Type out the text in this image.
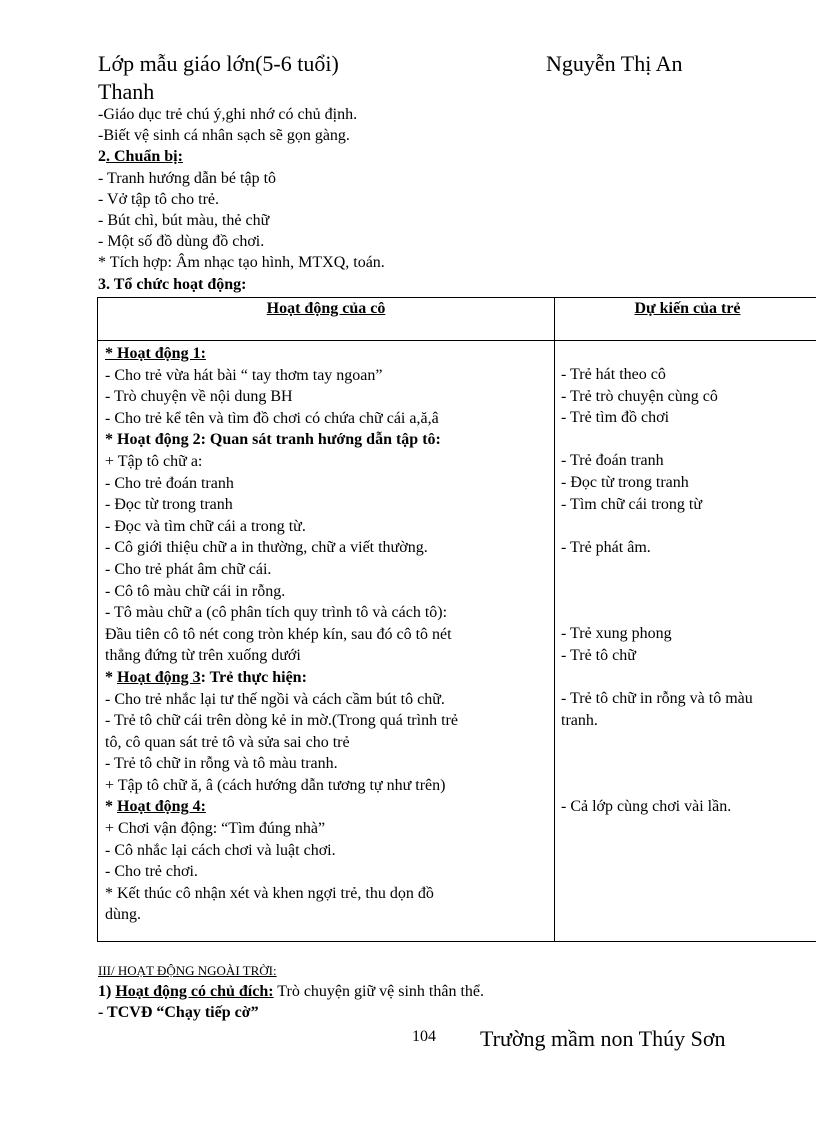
Lớp mẫu giáo lớn(5-6 tuổi)	Nguyễn Thị An
Thanh
-Giáo dục trẻ chú ý,ghi nhớ có chủ định.
-Biết vệ sinh cá nhân sạch sẽ gọn gàng.
2. Chuẩn bị:
- Tranh hướng dẫn bé tập tô
- Vở tập tô cho trẻ.
- Bút chì, bút màu, thẻ chữ
- Một số đồ dùng đồ chơi.
* Tích hợp: Âm nhạc tạo hình, MTXQ, toán.
3. Tổ chức hoạt động:
Hoạt động của cô	Dự kiến của trẻ
* Hoạt động 1:
- Cho trẻ vừa hát bài “ tay thơm tay ngoan”
- Trò chuyện về nội dung BH
- Cho trẻ kể tên và tìm đồ chơi có chứa chữ cái a,ă,â
* Hoạt động 2: Quan sát tranh hướng dẫn tập tô:
+ Tập tô chữ a:
- Cho trẻ đoán tranh
- Đọc từ trong tranh
- Đọc và tìm chữ cái a trong từ.
- Cô giới thiệu chữ a in thường, chữ a viết thường.
- Cho trẻ phát âm chữ cái.
- Cô tô màu chữ cái in rỗng.
- Tô màu chữ a (cô phân tích quy trình tô và cách tô):
Đầu tiên cô tô nét cong tròn khép kín, sau đó cô tô nét
thẳng đứng từ trên xuống dưới
* Hoạt động 3: Trẻ thực hiện:
- Cho trẻ nhắc lại tư thế ngồi và cách cầm bút tô chữ.
- Trẻ tô chữ cái trên dòng kẻ in mờ.(Trong quá trình trẻ
tô, cô quan sát trẻ tô và sửa sai cho trẻ
- Trẻ tô chữ in rỗng và tô màu tranh.
+ Tập tô chữ ă, â (cách hướng dẫn tương tự như trên)
* Hoạt động 4:
+ Chơi vận động: “Tìm đúng nhà”
- Cô nhắc lại cách chơi và luật chơi.
- Cho trẻ chơi.
* Kết thúc cô nhận xét và khen ngợi trẻ, thu dọn đồ
dùng.
- Trẻ hát theo cô
- Trẻ trò chuyện cùng cô
- Trẻ tìm đồ chơi
- Trẻ đoán tranh
- Đọc từ trong tranh
- Tìm chữ cái trong từ
- Trẻ phát âm.
- Trẻ xung phong
- Trẻ tô chữ
- Trẻ tô chữ in rỗng và tô màu
tranh.
- Cả lớp cùng chơi vài lần.
III/ HOẠT ĐỘNG NGOÀI TRỜI:
1) Hoạt động có chủ đích: Trò chuyện giữ vệ sinh thân thể.
- TCVĐ “Chạy tiếp cờ”
104 Trường mầm non Thúy Sơn
